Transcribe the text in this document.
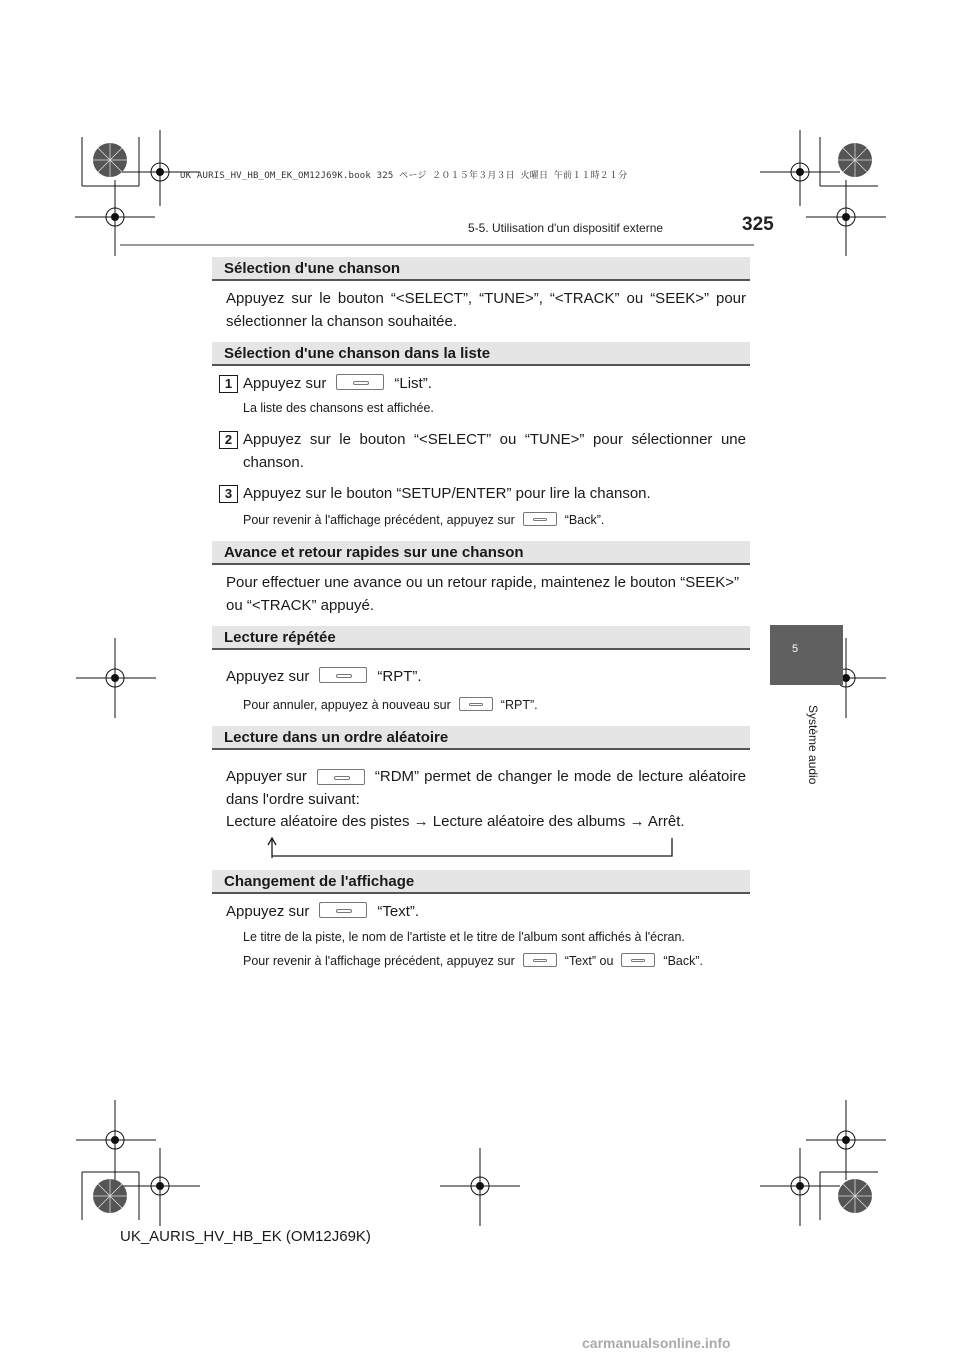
UK AURIS_HV_HB_OM_EK_OM12J69K.book 325 ページ ２０１５年３月３日 火曜日 午前１１時２１分
5-5. Utilisation d'un dispositif externe	325
5
Système audio
Sélection d'une chanson
Appuyez sur le bouton “<SELECT”, “TUNE>”, “<TRACK” ou “SEEK>” pour
sélectionner la chanson souhaitée.
Sélection d'une chanson dans la liste
1 Appuyez sur	“List”.
La liste des chansons est affichée.
2 Appuyez sur le bouton “<SELECT” ou “TUNE>” pour sélectionner une
chanson.
3 Appuyez sur le bouton “SETUP/ENTER” pour lire la chanson.
Pour revenir à l'affichage précédent, appuyez sur	“Back”.
Avance et retour rapides sur une chanson
Pour effectuer une avance ou un retour rapide, maintenez le bouton “SEEK>”
ou “<TRACK” appuyé.
Lecture répétée
Appuyez sur	“RPT”.
Pour annuler, appuyez à nouveau sur	“RPT”.
Lecture dans un ordre aléatoire
Appuyer sur	“RDM” permet de changer le mode de lecture aléatoire
dans l'ordre suivant:
Lecture aléatoire des pistes → Lecture aléatoire des albums → Arrêt.
Changement de l'affichage
Appuyez sur	“Text”.
Le titre de la piste, le nom de l'artiste et le titre de l'album sont affichés à l'écran.
Pour revenir à l'affichage précédent, appuyez sur	“Text” ou	“Back”.
UK_AURIS_HV_HB_EK (OM12J69K)
carmanualsonline.info
